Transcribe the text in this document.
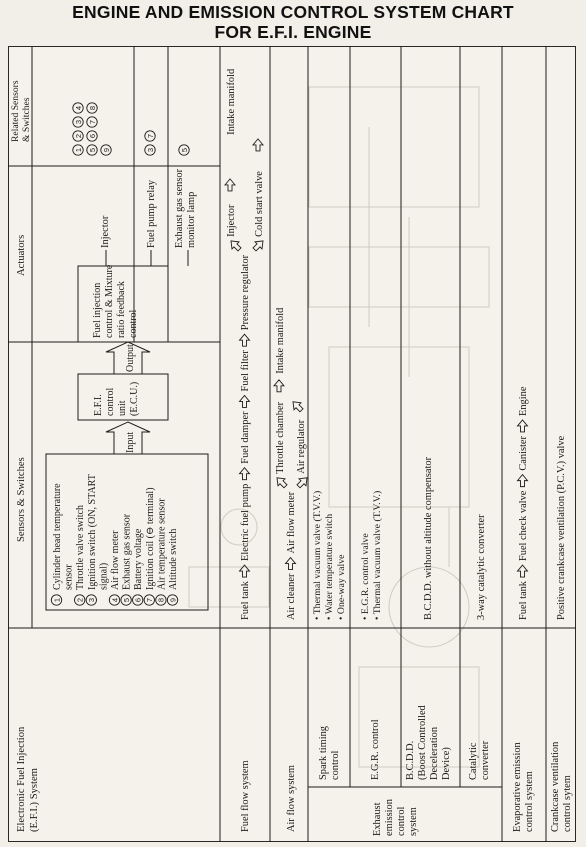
ENGINE AND EMISSION CONTROL SYSTEM CHART
FOR E.F.I. ENGINE
Sensors & Switches
Actuators
Related Sensors & Switches
Electronic Fuel Injection (E.F.I.) System
1
Cylinder head temperature sensor
2
Throttle valve switch
3
Ignition switch (ON, START signal)
4
Air flow meter
5
Exhaust gas sensor
6
Battery voltage
7
Ignition coil (⊖ terminal)
8
Air temperature sensor
9
Altitude switch
Input
E.F.I. control unit (E.C.U.)
Output
Fuel injection control & Mixture ratio feedback control
Injector	Fuel pump relay Exhaust gas sensor monitor lamp
1
2
3
4
5
6
7
8
9	3
7
5
Fuel flow system
Fuel tank
Electric fuel pump
Fuel damper
Fuel filter
Pressure regulator
Injector Cold start valve
Intake manifold
Air flow system
Air cleaner
Air flow meter
Throttle chamber Air regulator
Intake manifold
Exhaust emission control system
Spark timing control
• Thermal vacuum valve (T.V.V.) • Water temperature switch • One-way valve
E.G.R. control
• E.G.R. control valve • Thermal vacuum valve (T.V.V.)
B.C.D.D. (Boost Controlled Deceleration Device)
B.C.D.D. without altitude compensator
Catalytic converter
3-way catalytic converter
Evaporative emission control system
Fuel tank
Fuel check valve
Canister
Engine
Crankcase ventilation control sytem
Positive crankcase ventilation (P.C.V.) valve
